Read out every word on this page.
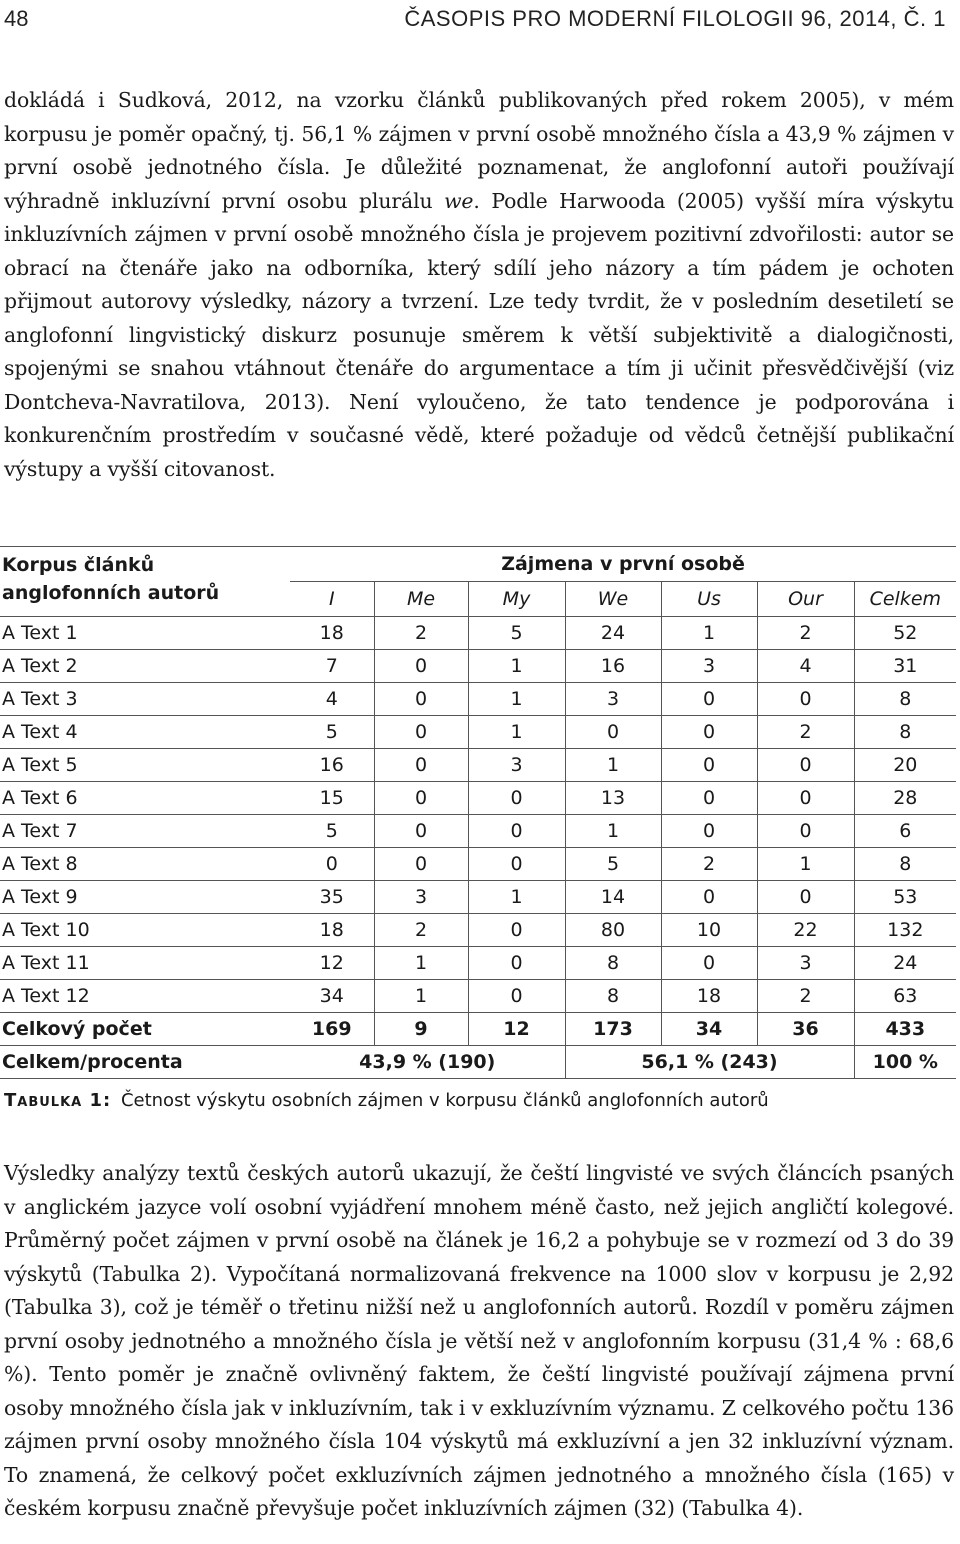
48	ČASOPIS PRO MODERNÍ FILOLOGII 96, 2014, Č. 1

dokládá i Sudková, 2012, na vzorku článků publikovaných před rokem 2005), v mém korpusu je poměr opačný, tj. 56,1 % zájmen v první osobě množného čísla a 43,9 % zájmen v první osobě jednotného čísla. Je důležité poznamenat, že anglofonní autoři používají výhradně inkluzívní první osobu plurálu we. Podle Harwooda (2005) vyšší míra výskytu inkluzívních zájmen v první osobě množného čísla je projevem pozitivní zdvořilosti: autor se obrací na čtenáře jako na odborníka, který sdílí jeho názory a tím pádem je ochoten přijmout autorovy výsledky, názory a tvrzení. Lze tedy tvrdit, že v posledním desetiletí se anglofonní lingvistický diskurz posunuje směrem k větší subjektivitě a dialogičnosti, spojenými se snahou vtáhnout čtenáře do argumentace a tím ji učinit přesvědčivější (viz Dontcheva-Navratilova, 2013). Není vyloučeno, že tato tendence je podporována i konkurenčním prostředím v současné vědě, které požaduje od vědců četnější publikační výstupy a vyšší citovanost.

Korpus článků anglofonních autorů	Zájmena v první osobě						
	I	Me	My	We	Us	Our	Celkem
A Text 1	18	2	5	24	1	2	52
A Text 2	7	0	1	16	3	4	31
A Text 3	4	0	1	3	0	0	8
A Text 4	5	0	1	0	0	2	8
A Text 5	16	0	3	1	0	0	20
A Text 6	15	0	0	13	0	0	28
A Text 7	5	0	0	1	0	0	6
A Text 8	0	0	0	5	2	1	8
A Text 9	35	3	1	14	0	0	53
A Text 10	18	2	0	80	10	22	132
A Text 11	12	1	0	8	0	3	24
A Text 12	34	1	0	8	18	2	63
Celkový počet	169	9	12	173	34	36	433
Celkem/procenta	43,9 % (190)			56,1 % (243)			100 %
Tabulka 1: Četnost výskytu osobních zájmen v korpusu článků anglofonních autorů

Výsledky analýzy textů českých autorů ukazují, že čeští lingvisté ve svých článcích psaných v anglickém jazyce volí osobní vyjádření mnohem méně často, než jejich angličtí kolegové. Průměrný počet zájmen v první osobě na článek je 16,2 a pohybuje se v rozmezí od 3 do 39 výskytů (Tabulka 2). Vypočítaná normalizovaná frekvence na 1000 slov v korpusu je 2,92 (Tabulka 3), což je téměř o třetinu nižší než u anglofonních autorů. Rozdíl v poměru zájmen první osoby jednotného a množného čísla je větší než v anglofonním korpusu (31,4 % : 68,6 %). Tento poměr je značně ovlivněný faktem, že čeští lingvisté používají zájmena první osoby množného čísla jak v inkluzívním, tak i v exkluzívním významu. Z celkového počtu 136 zájmen první osoby množného čísla 104 výskytů má exkluzívní a jen 32 inkluzívní význam. To znamená, že celkový počet exkluzívních zájmen jednotného a množného čísla (165) v českém korpusu značně převyšuje počet inkluzívních zájmen (32) (Tabulka 4).
